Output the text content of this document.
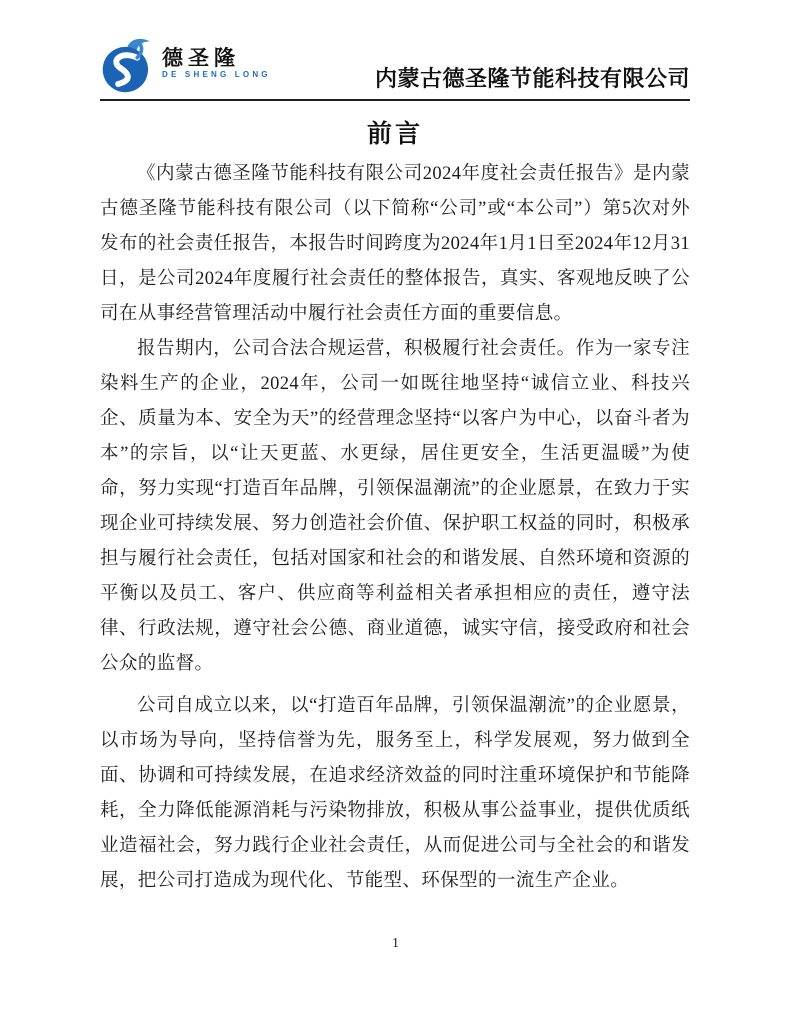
德圣隆
DE SHENG LONG	内蒙古德圣隆节能科技有限公司
前言

《内蒙古德圣隆节能科技有限公司2024年度社会责任报告》是内蒙古德圣隆节能科技有限公司（以下简称“公司”或“本公司”）第5次对外发布的社会责任报告，本报告时间跨度为2024年1月1日至2024年12月31日，是公司2024年度履行社会责任的整体报告，真实、客观地反映了公司在从事经营管理活动中履行社会责任方面的重要信息。

报告期内，公司合法合规运营，积极履行社会责任。作为一家专注染料生产的企业，2024年，公司一如既往地坚持“诚信立业、科技兴企、质量为本、安全为天”的经营理念坚持“以客户为中心，以奋斗者为本”的宗旨，以“让天更蓝、水更绿，居住更安全，生活更温暖”为使命，努力实现“打造百年品牌，引领保温潮流”的企业愿景，在致力于实现企业可持续发展、努力创造社会价值、保护职工权益的同时，积极承担与履行社会责任，包括对国家和社会的和谐发展、自然环境和资源的平衡以及员工、客户、供应商等利益相关者承担相应的责任，遵守法律、行政法规，遵守社会公德、商业道德，诚实守信，接受政府和社会公众的监督。

公司自成立以来，以“打造百年品牌，引领保温潮流”的企业愿景，以市场为导向，坚持信誉为先，服务至上，科学发展观，努力做到全面、协调和可持续发展，在追求经济效益的同时注重环境保护和节能降耗，全力降低能源消耗与污染物排放，积极从事公益事业，提供优质纸业造福社会，努力践行企业社会责任，从而促进公司与全社会的和谐发展，把公司打造成为现代化、节能型、环保型的一流生产企业。

1
